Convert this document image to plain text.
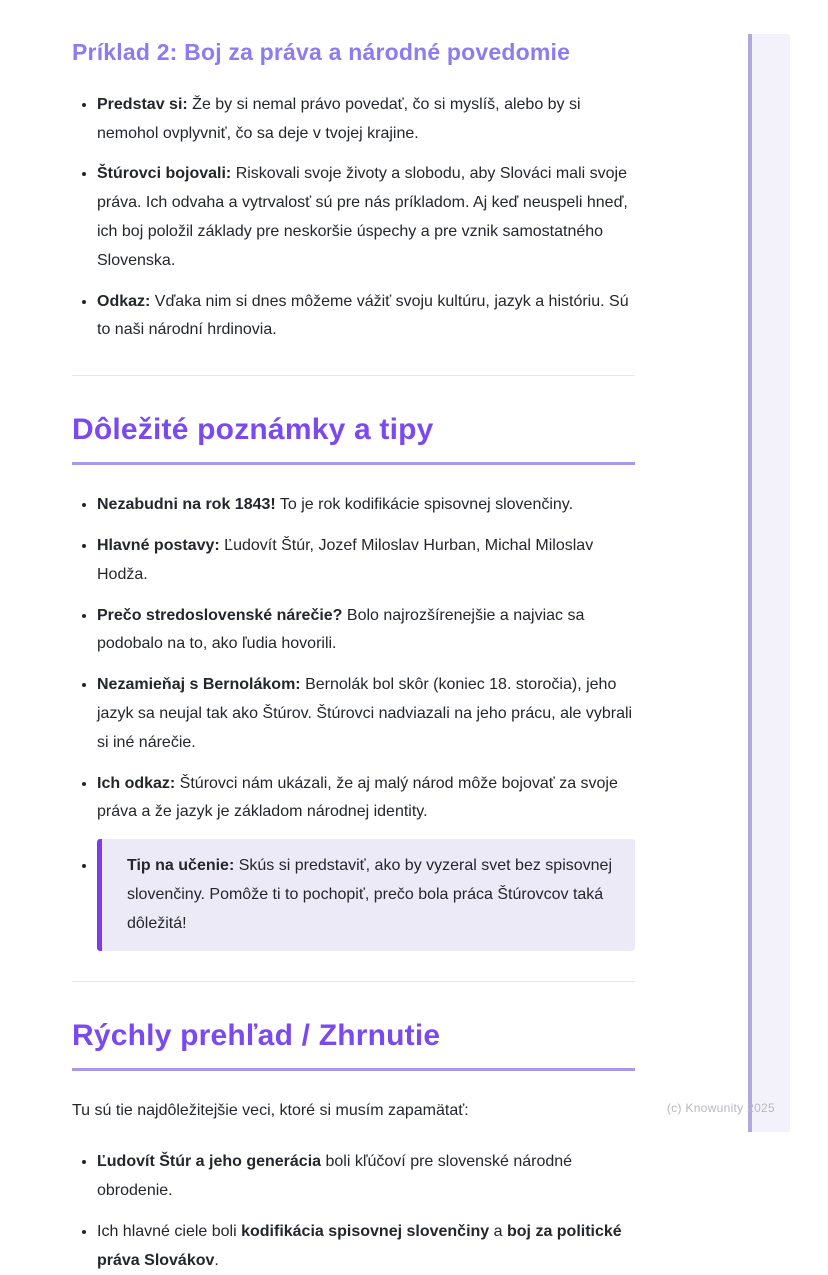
Príklad 2: Boj za práva a národné povedomie
• Predstav si: Že by si nemal právo povedať, čo si myslíš, alebo by si nemohol ovplyvniť, čo sa deje v tvojej krajine.
• Štúrovci bojovali: Riskovali svoje životy a slobodu, aby Slováci mali svoje práva. Ich odvaha a vytrvalosť sú pre nás príkladom. Aj keď neuspeli hneď, ich boj položil základy pre neskoršie úspechy a pre vznik samostatného Slovenska.
• Odkaz: Vďaka nim si dnes môžeme vážiť svoju kultúru, jazyk a históriu. Sú to naši národní hrdinovia.
Dôležité poznámky a tipy
• Nezabudni na rok 1843! To je rok kodifikácie spisovnej slovenčiny.
• Hlavné postavy: Ľudovít Štúr, Jozef Miloslav Hurban, Michal Miloslav Hodža.
• Prečo stredoslovenské nárečie? Bolo najrozšírenejšie a najviac sa podobalo na to, ako ľudia hovorili.
• Nezamieňaj s Bernolákom: Bernolák bol skôr (koniec 18. storočia), jeho jazyk sa neujal tak ako Štúrov. Štúrovci nadviazali na jeho prácu, ale vybrali si iné nárečie.
• Ich odkaz: Štúrovci nám ukázali, že aj malý národ môže bojovať za svoje práva a že jazyk je základom národnej identity.
• Tip na učenie: Skús si predstaviť, ako by vyzeral svet bez spisovnej slovenčiny. Pomôže ti to pochopiť, prečo bola práca Štúrovcov taká dôležitá!
Rýchly prehľad / Zhrnutie

Tu sú tie najdôležitejšie veci, ktoré si musím zapamätať:

• Ľudovít Štúr a jeho generácia boli kľúčoví pre slovenské národné obrodenie.
• Ich hlavné ciele boli kodifikácia spisovnej slovenčiny a boj za politické práva Slovákov.
(c) Knowunity 2025
